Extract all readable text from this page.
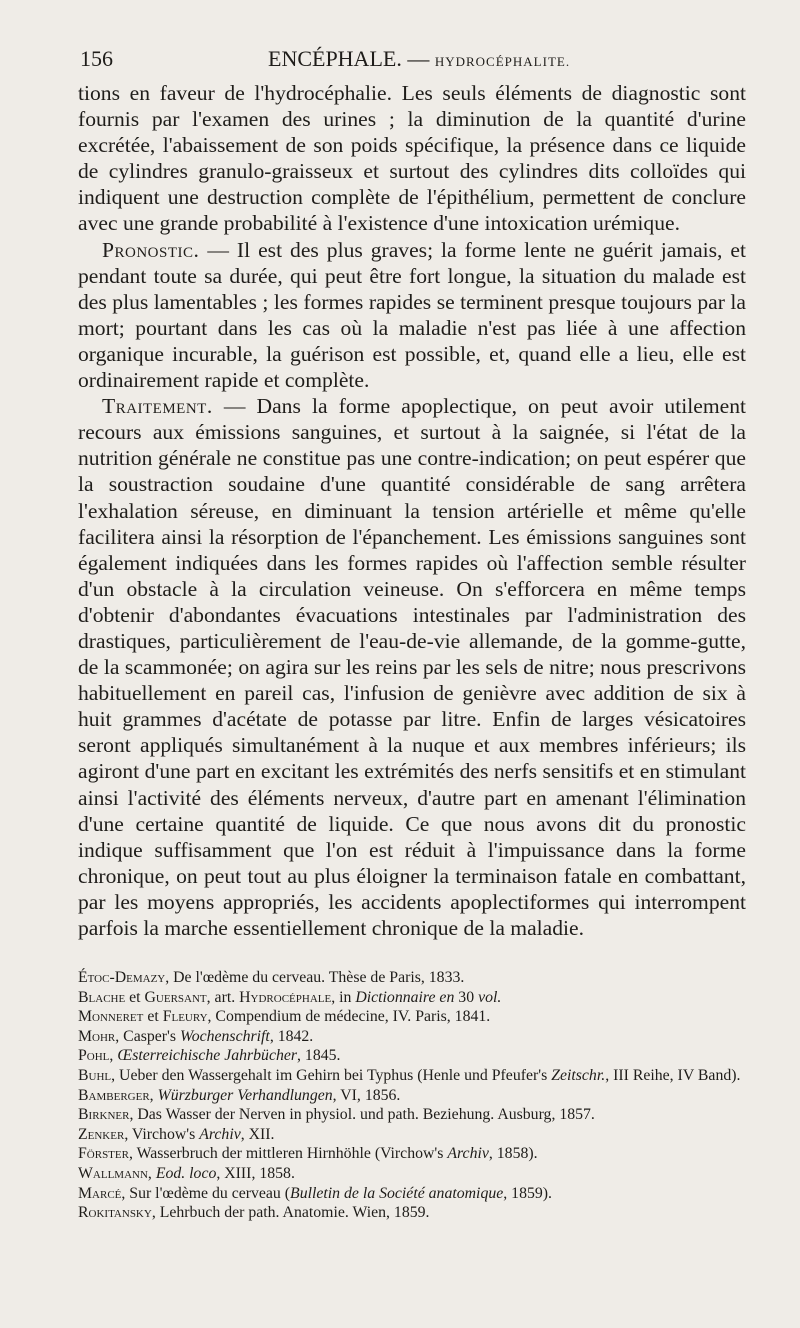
156	ENCÉPHALE. — HYDROCÉPHALITE.

tions en faveur de l'hydrocéphalie. Les seuls éléments de diagnostic sont fournis par l'examen des urines ; la diminution de la quantité d'urine excrétée, l'abaissement de son poids spécifique, la présence dans ce liquide de cylindres granulo-graisseux et surtout des cylindres dits colloïdes qui indiquent une destruction complète de l'épithélium, permettent de conclure avec une grande probabilité à l'existence d'une intoxication urémique.

Pronostic. — Il est des plus graves; la forme lente ne guérit jamais, et pendant toute sa durée, qui peut être fort longue, la situation du malade est des plus lamentables ; les formes rapides se terminent presque toujours par la mort; pourtant dans les cas où la maladie n'est pas liée à une affection organique incurable, la guérison est possible, et, quand elle a lieu, elle est ordinairement rapide et complète.

Traitement. — Dans la forme apoplectique, on peut avoir utilement recours aux émissions sanguines, et surtout à la saignée, si l'état de la nutrition générale ne constitue pas une contre-indication; on peut espérer que la soustraction soudaine d'une quantité considérable de sang arrêtera l'exhalation séreuse, en diminuant la tension artérielle et même qu'elle facilitera ainsi la résorption de l'épanchement. Les émissions sanguines sont également indiquées dans les formes rapides où l'affection semble résulter d'un obstacle à la circulation veineuse. On s'efforcera en même temps d'obtenir d'abondantes évacuations intestinales par l'administration des drastiques, particulièrement de l'eau-de-vie allemande, de la gomme-gutte, de la scammonée; on agira sur les reins par les sels de nitre; nous prescrivons habituellement en pareil cas, l'infusion de genièvre avec addition de six à huit grammes d'acétate de potasse par litre. Enfin de larges vésicatoires seront appliqués simultanément à la nuque et aux membres inférieurs; ils agiront d'une part en excitant les extrémités des nerfs sensitifs et en stimulant ainsi l'activité des éléments nerveux, d'autre part en amenant l'élimination d'une certaine quantité de liquide. Ce que nous avons dit du pronostic indique suffisamment que l'on est réduit à l'impuissance dans la forme chronique, on peut tout au plus éloigner la terminaison fatale en combattant, par les moyens appropriés, les accidents apoplectiformes qui interrompent parfois la marche essentiellement chronique de la maladie.

Étoc-Demazy, De l'œdème du cerveau. Thèse de Paris, 1833.
Blache et Guersant, art. Hydrocéphale, in Dictionnaire en 30 vol.
Monneret et Fleury, Compendium de médecine, IV. Paris, 1841.
Mohr, Casper's Wochenschrift, 1842.
Pohl, Œsterreichische Jahrbücher, 1845.
Buhl, Ueber den Wassergehalt im Gehirn bei Typhus (Henle und Pfeufer's Zeitschr., III Reihe, IV Band).
Bamberger, Würzburger Verhandlungen, VI, 1856.
Birkner, Das Wasser der Nerven in physiol. und path. Beziehung. Ausburg, 1857.
Zenker, Virchow's Archiv, XII.
Förster, Wasserbruch der mittleren Hirnhöhle (Virchow's Archiv, 1858).
Wallmann, Eod. loco, XIII, 1858.
Marcé, Sur l'œdème du cerveau (Bulletin de la Société anatomique, 1859).
Rokitansky, Lehrbuch der path. Anatomie. Wien, 1859.
